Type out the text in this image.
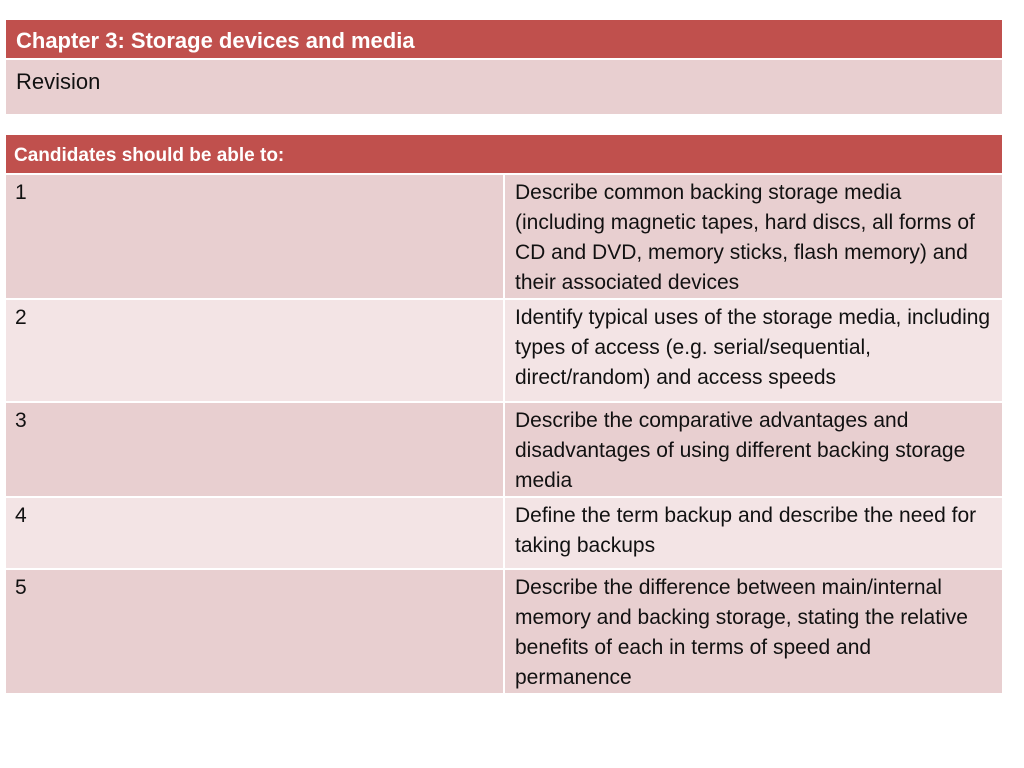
Chapter 3: Storage devices and media
Revision
Candidates should be able to:	
1	Describe common backing storage media (including magnetic tapes, hard discs, all forms of CD and DVD, memory sticks, flash memory) and their associated devices
2	Identify typical uses of the storage media, including types of access (e.g. serial/sequential, direct/random) and access speeds
3	Describe the comparative advantages and disadvantages of using different backing storage media
4	Define the term backup and describe the need for taking backups
5	Describe the difference between main/internal memory and backing storage, stating the relative benefits of each in terms of speed and permanence
